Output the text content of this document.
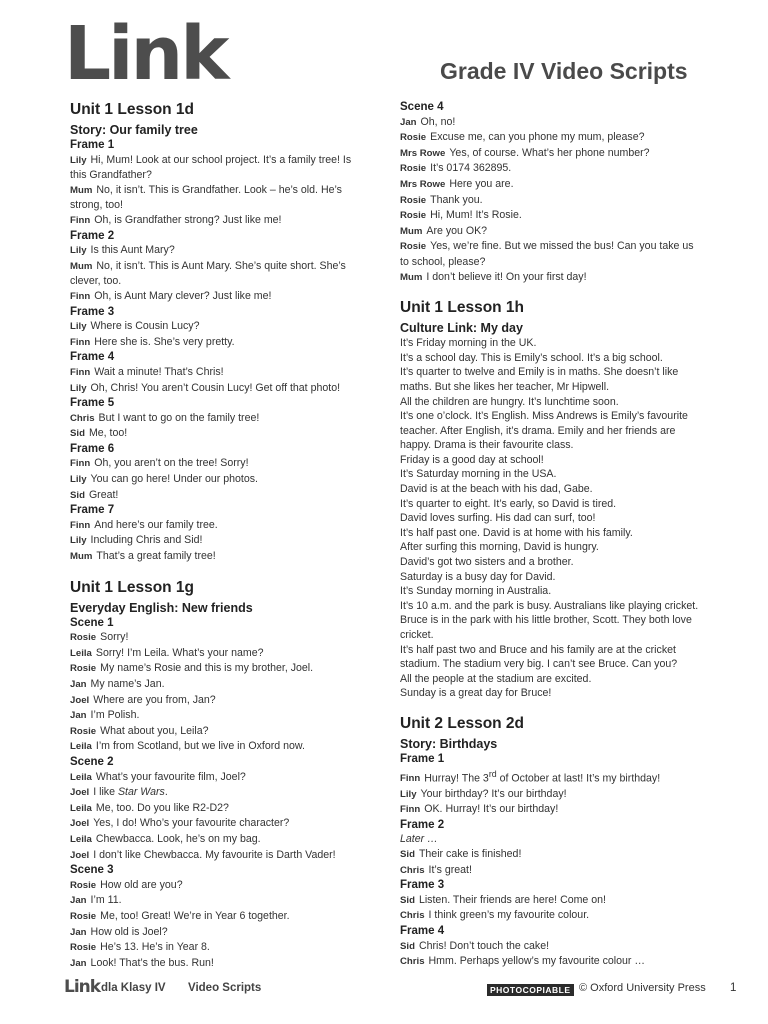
Link	Grade IV Video Scripts
Unit 1 Lesson 1d
Story: Our family tree
Frame 1
Lily Hi, Mum! Look at our school project. It’s a family tree! Is this Grandfather?
Mum No, it isn’t. This is Grandfather. Look – he’s old. He’s strong, too!
Finn Oh, is Grandfather strong? Just like me!
Frame 2
Lily Is this Aunt Mary?
Mum No, it isn’t. This is Aunt Mary. She’s quite short. She’s clever, too.
Finn Oh, is Aunt Mary clever? Just like me!
Frame 3
Lily Where is Cousin Lucy?
Finn Here she is. She’s very pretty.
Frame 4
Finn Wait a minute! That’s Chris!
Lily Oh, Chris! You aren’t Cousin Lucy! Get off that photo!
Frame 5
Chris But I want to go on the family tree!
Sid Me, too!
Frame 6
Finn Oh, you aren’t on the tree! Sorry!
Lily You can go here! Under our photos.
Sid Great!
Frame 7
Finn And here’s our family tree.
Lily Including Chris and Sid!
Mum That’s a great family tree!
Unit 1 Lesson 1g
Everyday English: New friends
Scene 1
Rosie Sorry!
Leila Sorry! I’m Leila. What’s your name?
Rosie My name’s Rosie and this is my brother, Joel.
Jan My name’s Jan.
Joel Where are you from, Jan?
Jan I’m Polish.
Rosie What about you, Leila?
Leila I’m from Scotland, but we live in Oxford now.
Scene 2
Leila What’s your favourite film, Joel?
Joel I like Star Wars.
Leila Me, too. Do you like R2-D2?
Joel Yes, I do! Who’s your favourite character?
Leila Chewbacca. Look, he’s on my bag.
Joel I don’t like Chewbacca. My favourite is Darth Vader!
Scene 3
Rosie How old are you?
Jan I’m 11.
Rosie Me, too! Great! We’re in Year 6 together.
Jan How old is Joel?
Rosie He’s 13. He’s in Year 8.
Jan Look! That’s the bus. Run!
Scene 4
Jan Oh, no!
Rosie Excuse me, can you phone my mum, please?
Mrs Rowe Yes, of course. What’s her phone number?
Rosie It’s 0174 362895.
Mrs Rowe Here you are.
Rosie Thank you.
Rosie Hi, Mum! It’s Rosie.
Mum Are you OK?
Rosie Yes, we’re fine. But we missed the bus! Can you take us to school, please?
Mum I don’t believe it! On your first day!
Unit 1 Lesson 1h
Culture Link: My day
It’s Friday morning in the UK.
It’s a school day. This is Emily’s school. It’s a big school.
It’s quarter to twelve and Emily is in maths. She doesn’t like maths. But she likes her teacher, Mr Hipwell.
All the children are hungry. It’s lunchtime soon.
It’s one o’clock. It’s English. Miss Andrews is Emily’s favourite teacher. After English, it’s drama. Emily and her friends are happy. Drama is their favourite class.
Friday is a good day at school!
It’s Saturday morning in the USA.
David is at the beach with his dad, Gabe.
It’s quarter to eight. It’s early, so David is tired.
David loves surfing. His dad can surf, too!
It’s half past one. David is at home with his family.
After surfing this morning, David is hungry.
David’s got two sisters and a brother.
Saturday is a busy day for David.
It’s Sunday morning in Australia.
It’s 10 a.m. and the park is busy. Australians like playing cricket.
Bruce is in the park with his little brother, Scott. They both love cricket.
It’s half past two and Bruce and his family are at the cricket stadium. The stadium very big. I can’t see Bruce. Can you?
All the people at the stadium are excited.
Sunday is a great day for Bruce!
Unit 2 Lesson 2d
Story: Birthdays
Frame 1
Finn Hurray! The 3rd of October at last! It’s my birthday!
Lily Your birthday? It’s our birthday!
Finn OK. Hurray! It’s our birthday!
Frame 2
Later …
Sid Their cake is finished!
Chris It’s great!
Frame 3
Sid Listen. Their friends are here! Come on!
Chris I think green’s my favourite colour.
Frame 4
Sid Chris! Don’t touch the cake!
Chris Hmm. Perhaps yellow’s my favourite colour …
Link dla Klasy IV Video Scripts	PHOTOCOPIABLE © Oxford University Press 1
